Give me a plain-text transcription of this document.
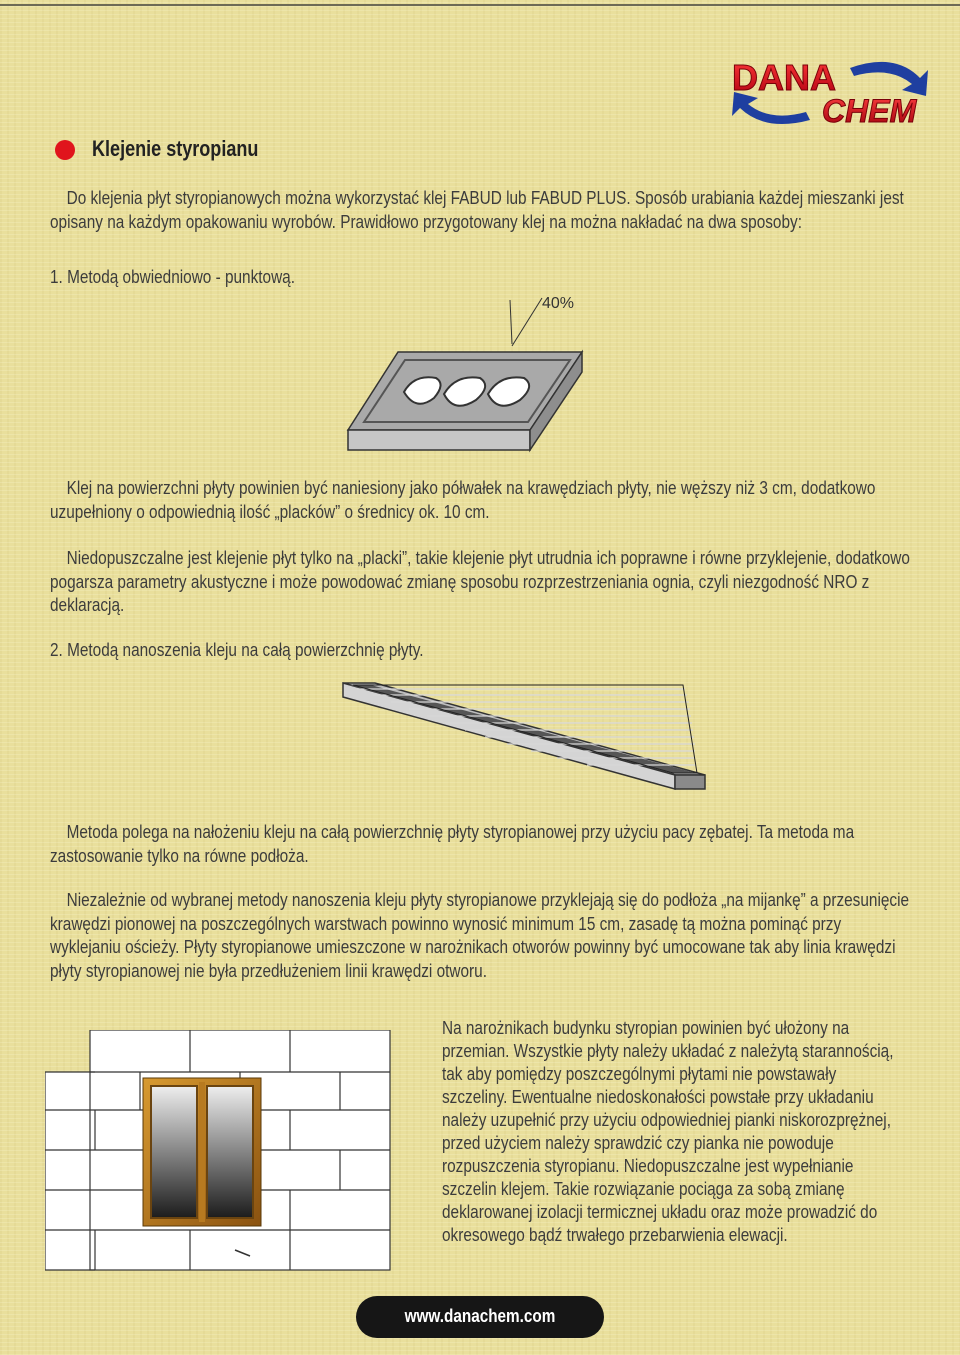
DANA
CHEM
Klejenie styropianu

Do klejenia płyt styropianowych można wykorzystać klej FABUD lub FABUD PLUS. Sposób urabiania każdej mieszanki jest opisany na każdym opakowaniu wyrobów. Prawidłowo przygotowany klej na można nakładać na dwa sposoby:

1. Metodą obwiedniowo - punktową.

40%

Klej na powierzchni płyty powinien być naniesiony jako półwałek na krawędziach płyty, nie węższy niż 3 cm, dodatkowo uzupełniony o odpowiednią ilość „placków” o średnicy ok. 10 cm.

Niedopuszczalne jest klejenie płyt tylko na „placki”, takie klejenie płyt utrudnia ich poprawne i równe przyklejenie, dodatkowo pogarsza parametry akustyczne i może powodować zmianę sposobu rozprzestrzeniania ognia, czyli niezgodność NRO z deklaracją.

2. Metodą nanoszenia kleju na całą powierzchnię płyty.

Metoda polega na nałożeniu kleju na całą powierzchnię płyty styropianowej przy użyciu pacy zębatej. Ta metoda ma zastosowanie tylko na równe podłoża.

Niezależnie od wybranej metody nanoszenia kleju płyty styropianowe przyklejają się do podłoża „na mijankę” a przesunięcie krawędzi pionowej na poszczególnych warstwach powinno wynosić minimum 15 cm, zasadę tą można pominąć przy wyklejaniu ościeży. Płyty styropianowe umieszczone w narożnikach otworów powinny być umocowane tak aby linia krawędzi płyty styropianowej nie była przedłużeniem linii krawędzi otworu.

Na narożnikach budynku styropian powinien być ułożony na przemian. Wszystkie płyty należy układać z należytą starannością, tak aby pomiędzy poszczególnymi płytami nie powstawały szczeliny. Ewentualne niedoskonałości powstałe przy układaniu należy uzupełnić przy użyciu odpowiedniej pianki niskorozprężnej, przed użyciem należy sprawdzić czy pianka nie powoduje rozpuszczenia styropianu. Niedopuszczalne jest wypełnianie szczelin klejem. Takie rozwiązanie pociąga za sobą zmianę deklarowanej izolacji termicznej układu oraz może prowadzić do okresowego bądź trwałego przebarwienia elewacji.

www.danachem.com
